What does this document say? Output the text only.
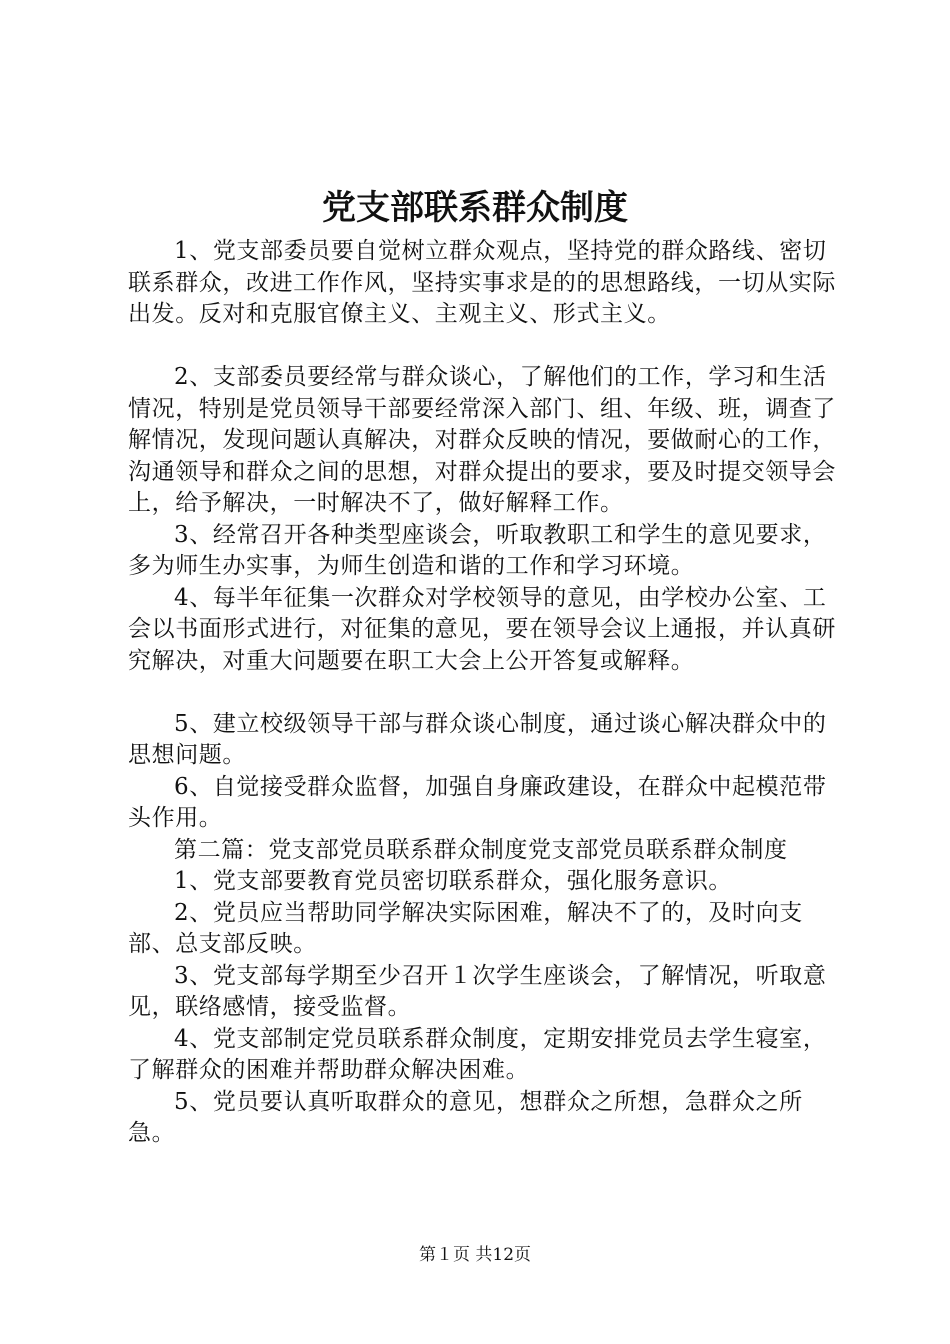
党支部联系群众制度

1、党支部委员要自觉树立群众观点，坚持党的群众路线、密切联系群众，改进工作作风，坚持实事求是的的思想路线，一切从实际出发。反对和克服官僚主义、主观主义、形式主义。

2、支部委员要经常与群众谈心，了解他们的工作，学习和生活情况，特别是党员领导干部要经常深入部门、组、年级、班，调查了解情况，发现问题认真解决，对群众反映的情况，要做耐心的工作，沟通领导和群众之间的思想，对群众提出的要求，要及时提交领导会上，给予解决，一时解决不了，做好解释工作。

3、经常召开各种类型座谈会，听取教职工和学生的意见要求，多为师生办实事，为师生创造和谐的工作和学习环境。

4、每半年征集一次群众对学校领导的意见，由学校办公室、工会以书面形式进行，对征集的意见，要在领导会议上通报，并认真研究解决，对重大问题要在职工大会上公开答复或解释。

5、建立校级领导干部与群众谈心制度，通过谈心解决群众中的思想问题。

6、自觉接受群众监督，加强自身廉政建设，在群众中起模范带头作用。

第二篇：党支部党员联系群众制度党支部党员联系群众制度

1、党支部要教育党员密切联系群众，强化服务意识。

2、党员应当帮助同学解决实际困难，解决不了的，及时向支部、总支部反映。

3、党支部每学期至少召开１次学生座谈会，了解情况，听取意见，联络感情，接受监督。

4、党支部制定党员联系群众制度，定期安排党员去学生寝室，了解群众的困难并帮助群众解决困难。

5、党员要认真听取群众的意见，想群众之所想，急群众之所急。

第１页 共12页
